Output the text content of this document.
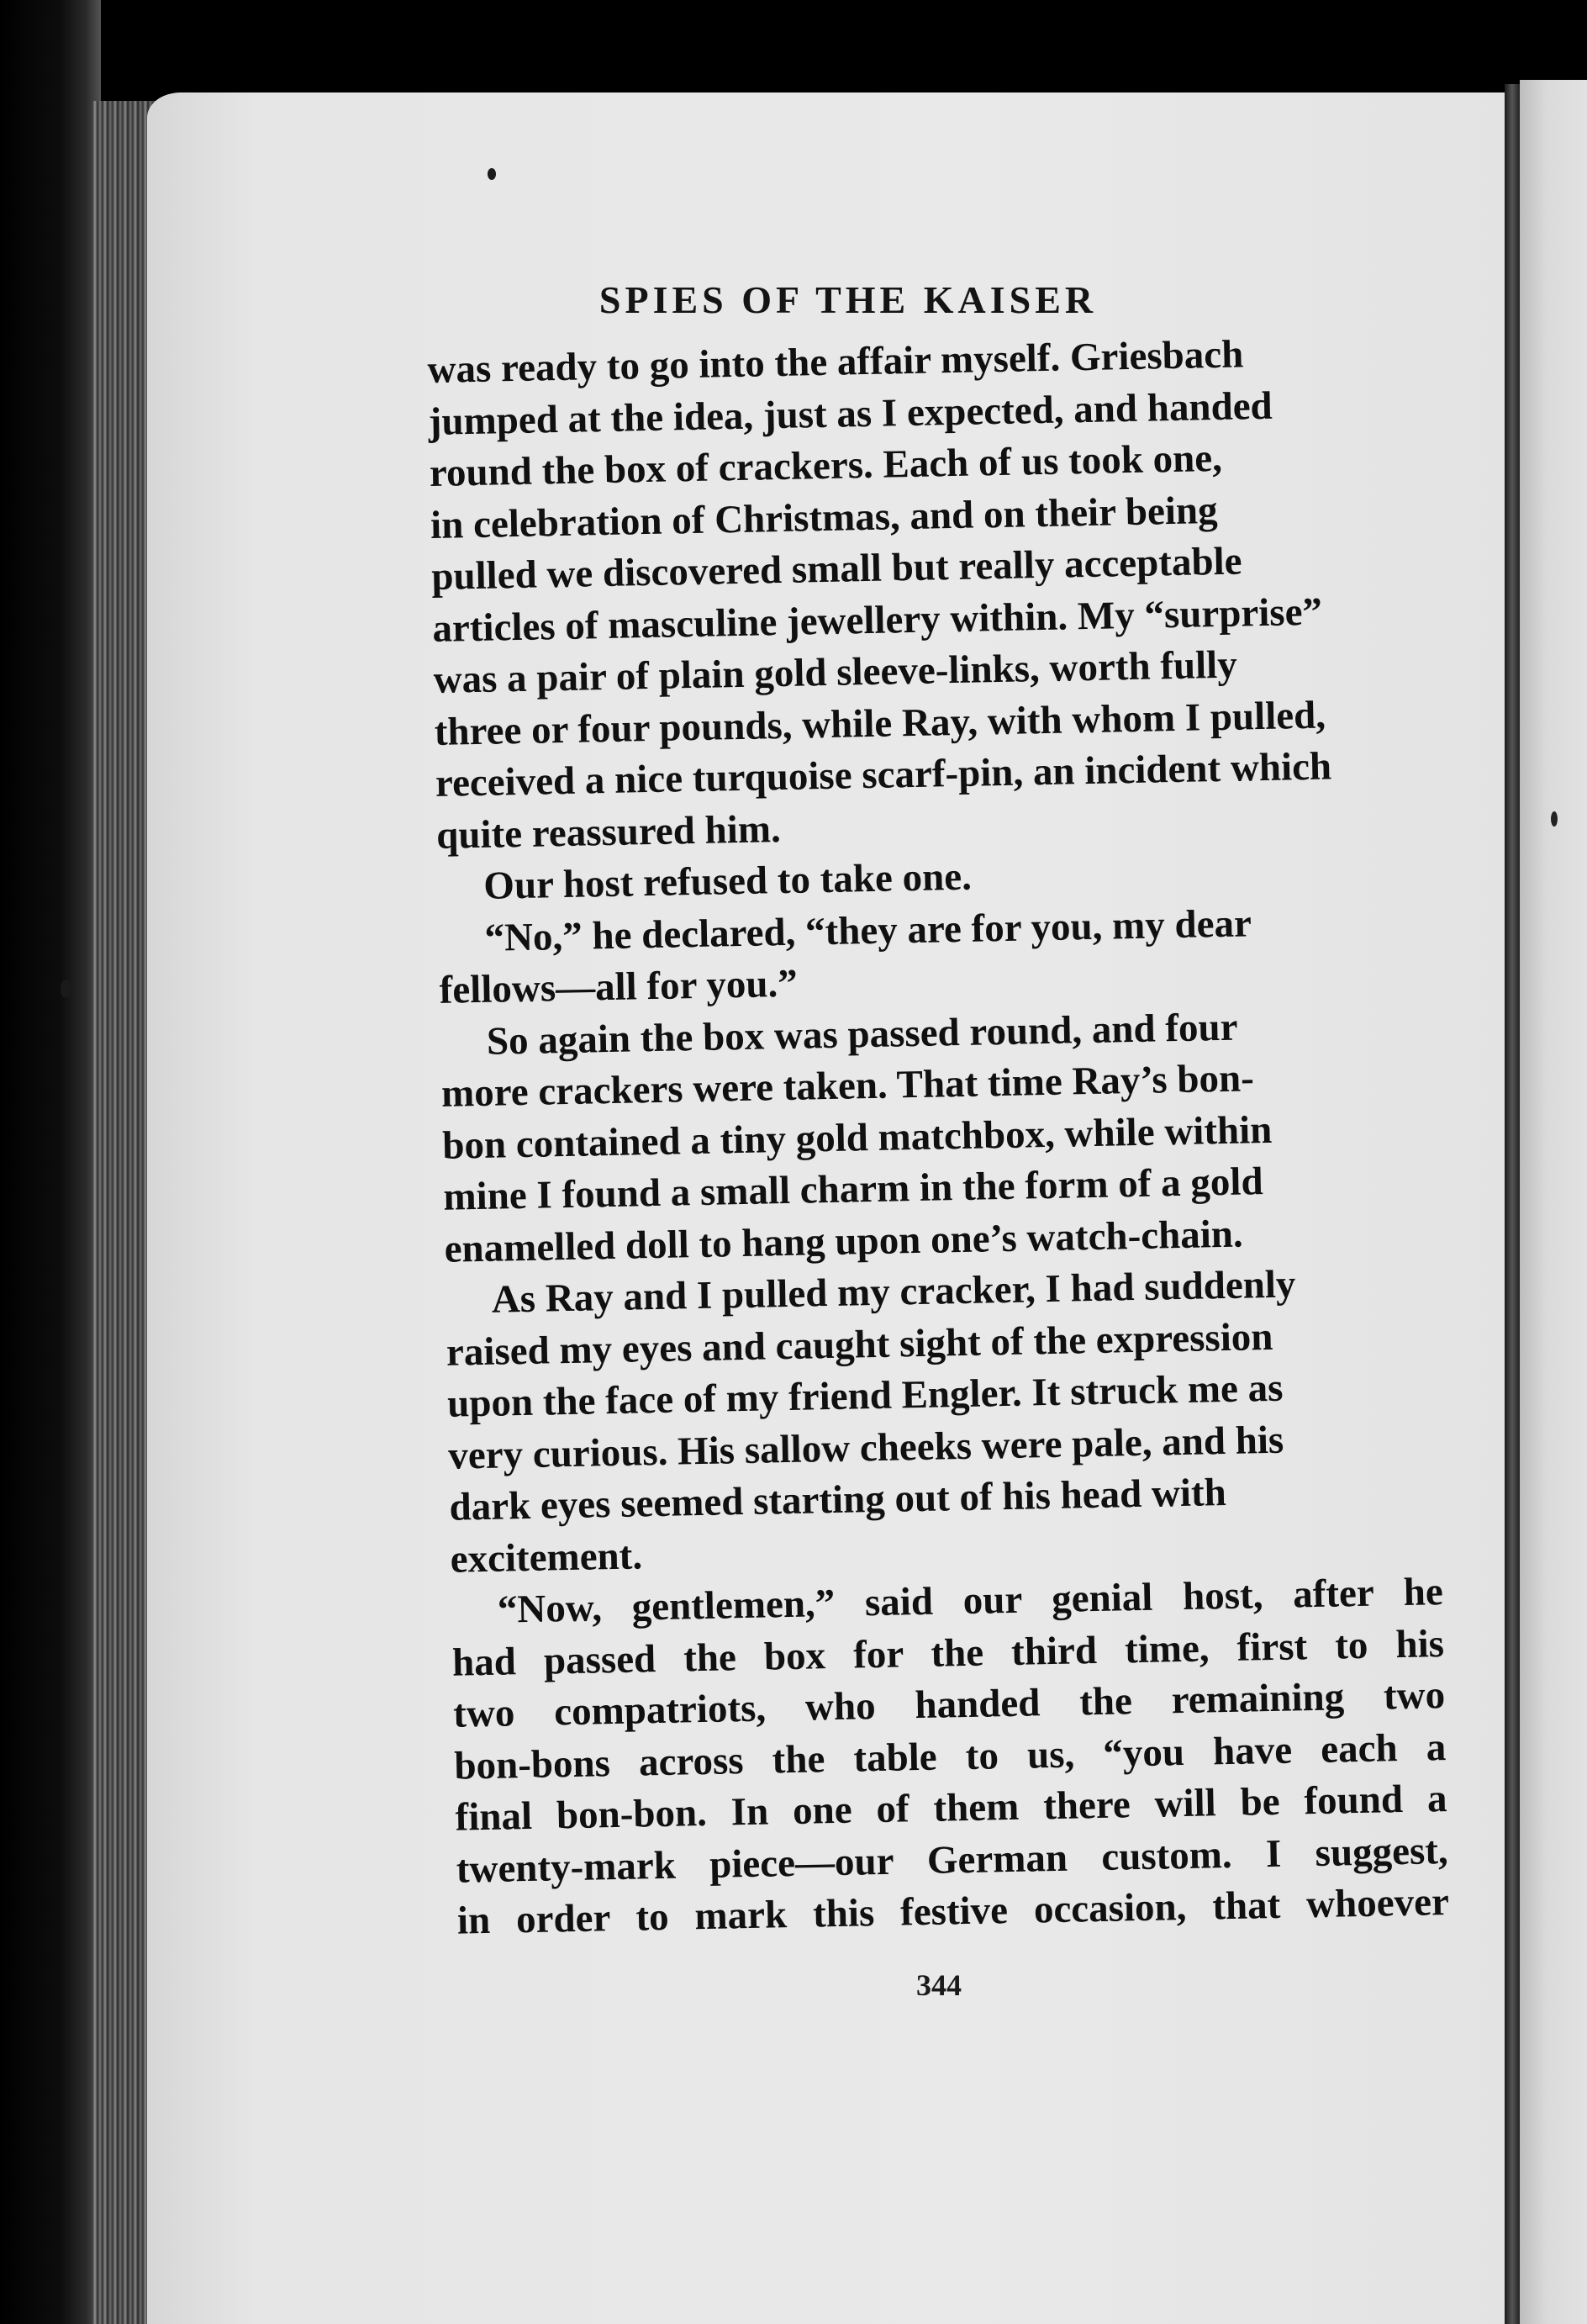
SPIES OF THE KAISER

was ready to go into the affair myself. Griesbach
jumped at the idea, just as I expected, and handed
round the box of crackers. Each of us took one,
in celebration of Christmas, and on their being
pulled we discovered small but really acceptable
articles of masculine jewellery within. My “surprise”
was a pair of plain gold sleeve-links, worth fully
three or four pounds, while Ray, with whom I pulled,
received a nice turquoise scarf-pin, an incident which
quite reassured him.

Our host refused to take one.

“No,” he declared, “they are for you, my dear
fellows—all for you.”

So again the box was passed round, and four
more crackers were taken. That time Ray’s bon-
bon contained a tiny gold matchbox, while within
mine I found a small charm in the form of a gold
enamelled doll to hang upon one’s watch-chain.

As Ray and I pulled my cracker, I had suddenly
raised my eyes and caught sight of the expression
upon the face of my friend Engler. It struck me as
very curious. His sallow cheeks were pale, and his
dark eyes seemed starting out of his head with
excitement.

“Now, gentlemen,” said our genial host, after he
had passed the box for the third time, first to his
two compatriots, who handed the remaining two
bon-bons across the table to us, “you have each a
final bon-bon. In one of them there will be found a
twenty-mark piece—our German custom. I suggest,
in order to mark this festive occasion, that whoever

344
